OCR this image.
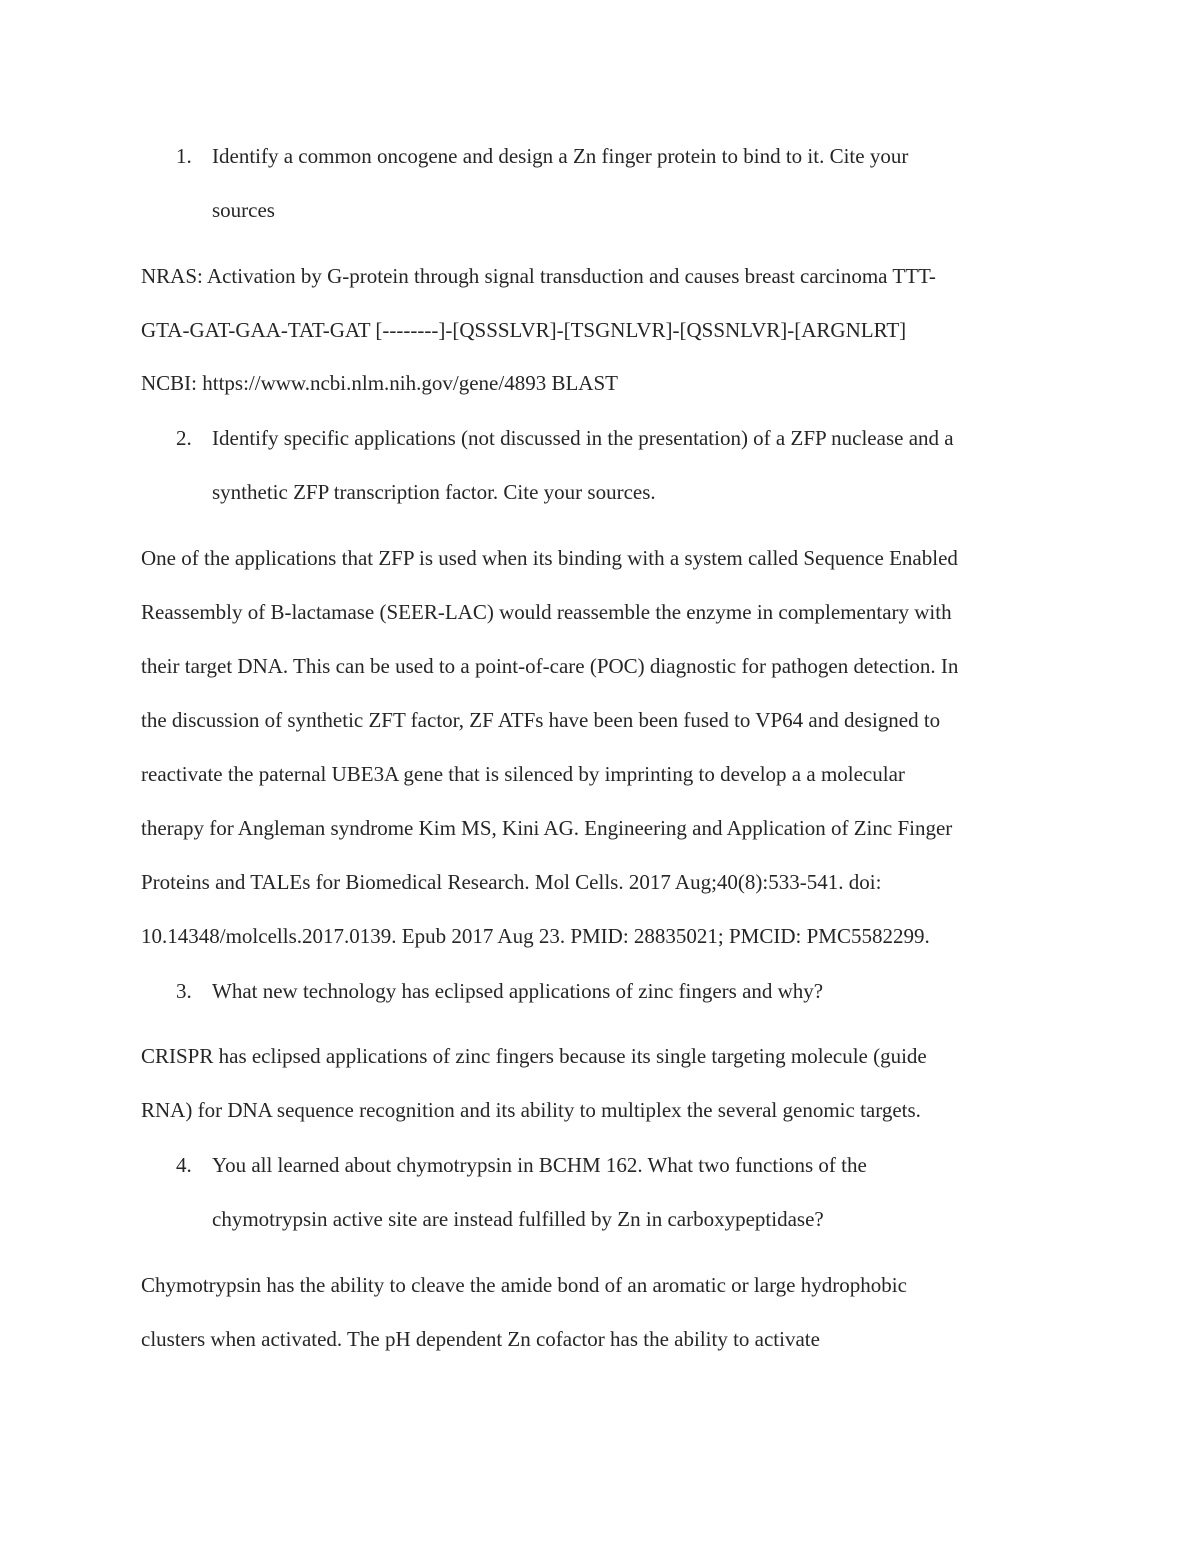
1. Identify a common oncogene and design a Zn finger protein to bind to it. Cite your
sources
NRAS: Activation by G-protein through signal transduction and causes breast carcinoma TTT-
GTA-GAT-GAA-TAT-GAT [--------]-[QSSSLVR]-[TSGNLVR]-[QSSNLVR]-[ARGNLRT]
NCBI: https://www.ncbi.nlm.nih.gov/gene/4893 BLAST
2. Identify specific applications (not discussed in the presentation) of a ZFP nuclease and a
synthetic ZFP transcription factor. Cite your sources.
One of the applications that ZFP is used when its binding with a system called Sequence Enabled
Reassembly of B-lactamase (SEER-LAC) would reassemble the enzyme in complementary with
their target DNA. This can be used to a point-of-care (POC) diagnostic for pathogen detection. In
the discussion of synthetic ZFT factor, ZF ATFs have been been fused to VP64 and designed to
reactivate the paternal UBE3A gene that is silenced by imprinting to develop a a molecular
therapy for Angleman syndrome Kim MS, Kini AG. Engineering and Application of Zinc Finger
Proteins and TALEs for Biomedical Research. Mol Cells. 2017 Aug;40(8):533-541. doi:
10.14348/molcells.2017.0139. Epub 2017 Aug 23. PMID: 28835021; PMCID: PMC5582299.
3. What new technology has eclipsed applications of zinc fingers and why?
CRISPR has eclipsed applications of zinc fingers because its single targeting molecule (guide
RNA) for DNA sequence recognition and its ability to multiplex the several genomic targets.
4. You all learned about chymotrypsin in BCHM 162. What two functions of the
chymotrypsin active site are instead fulfilled by Zn in carboxypeptidase?
Chymotrypsin has the ability to cleave the amide bond of an aromatic or large hydrophobic
clusters when activated. The pH dependent Zn cofactor has the ability to activate
